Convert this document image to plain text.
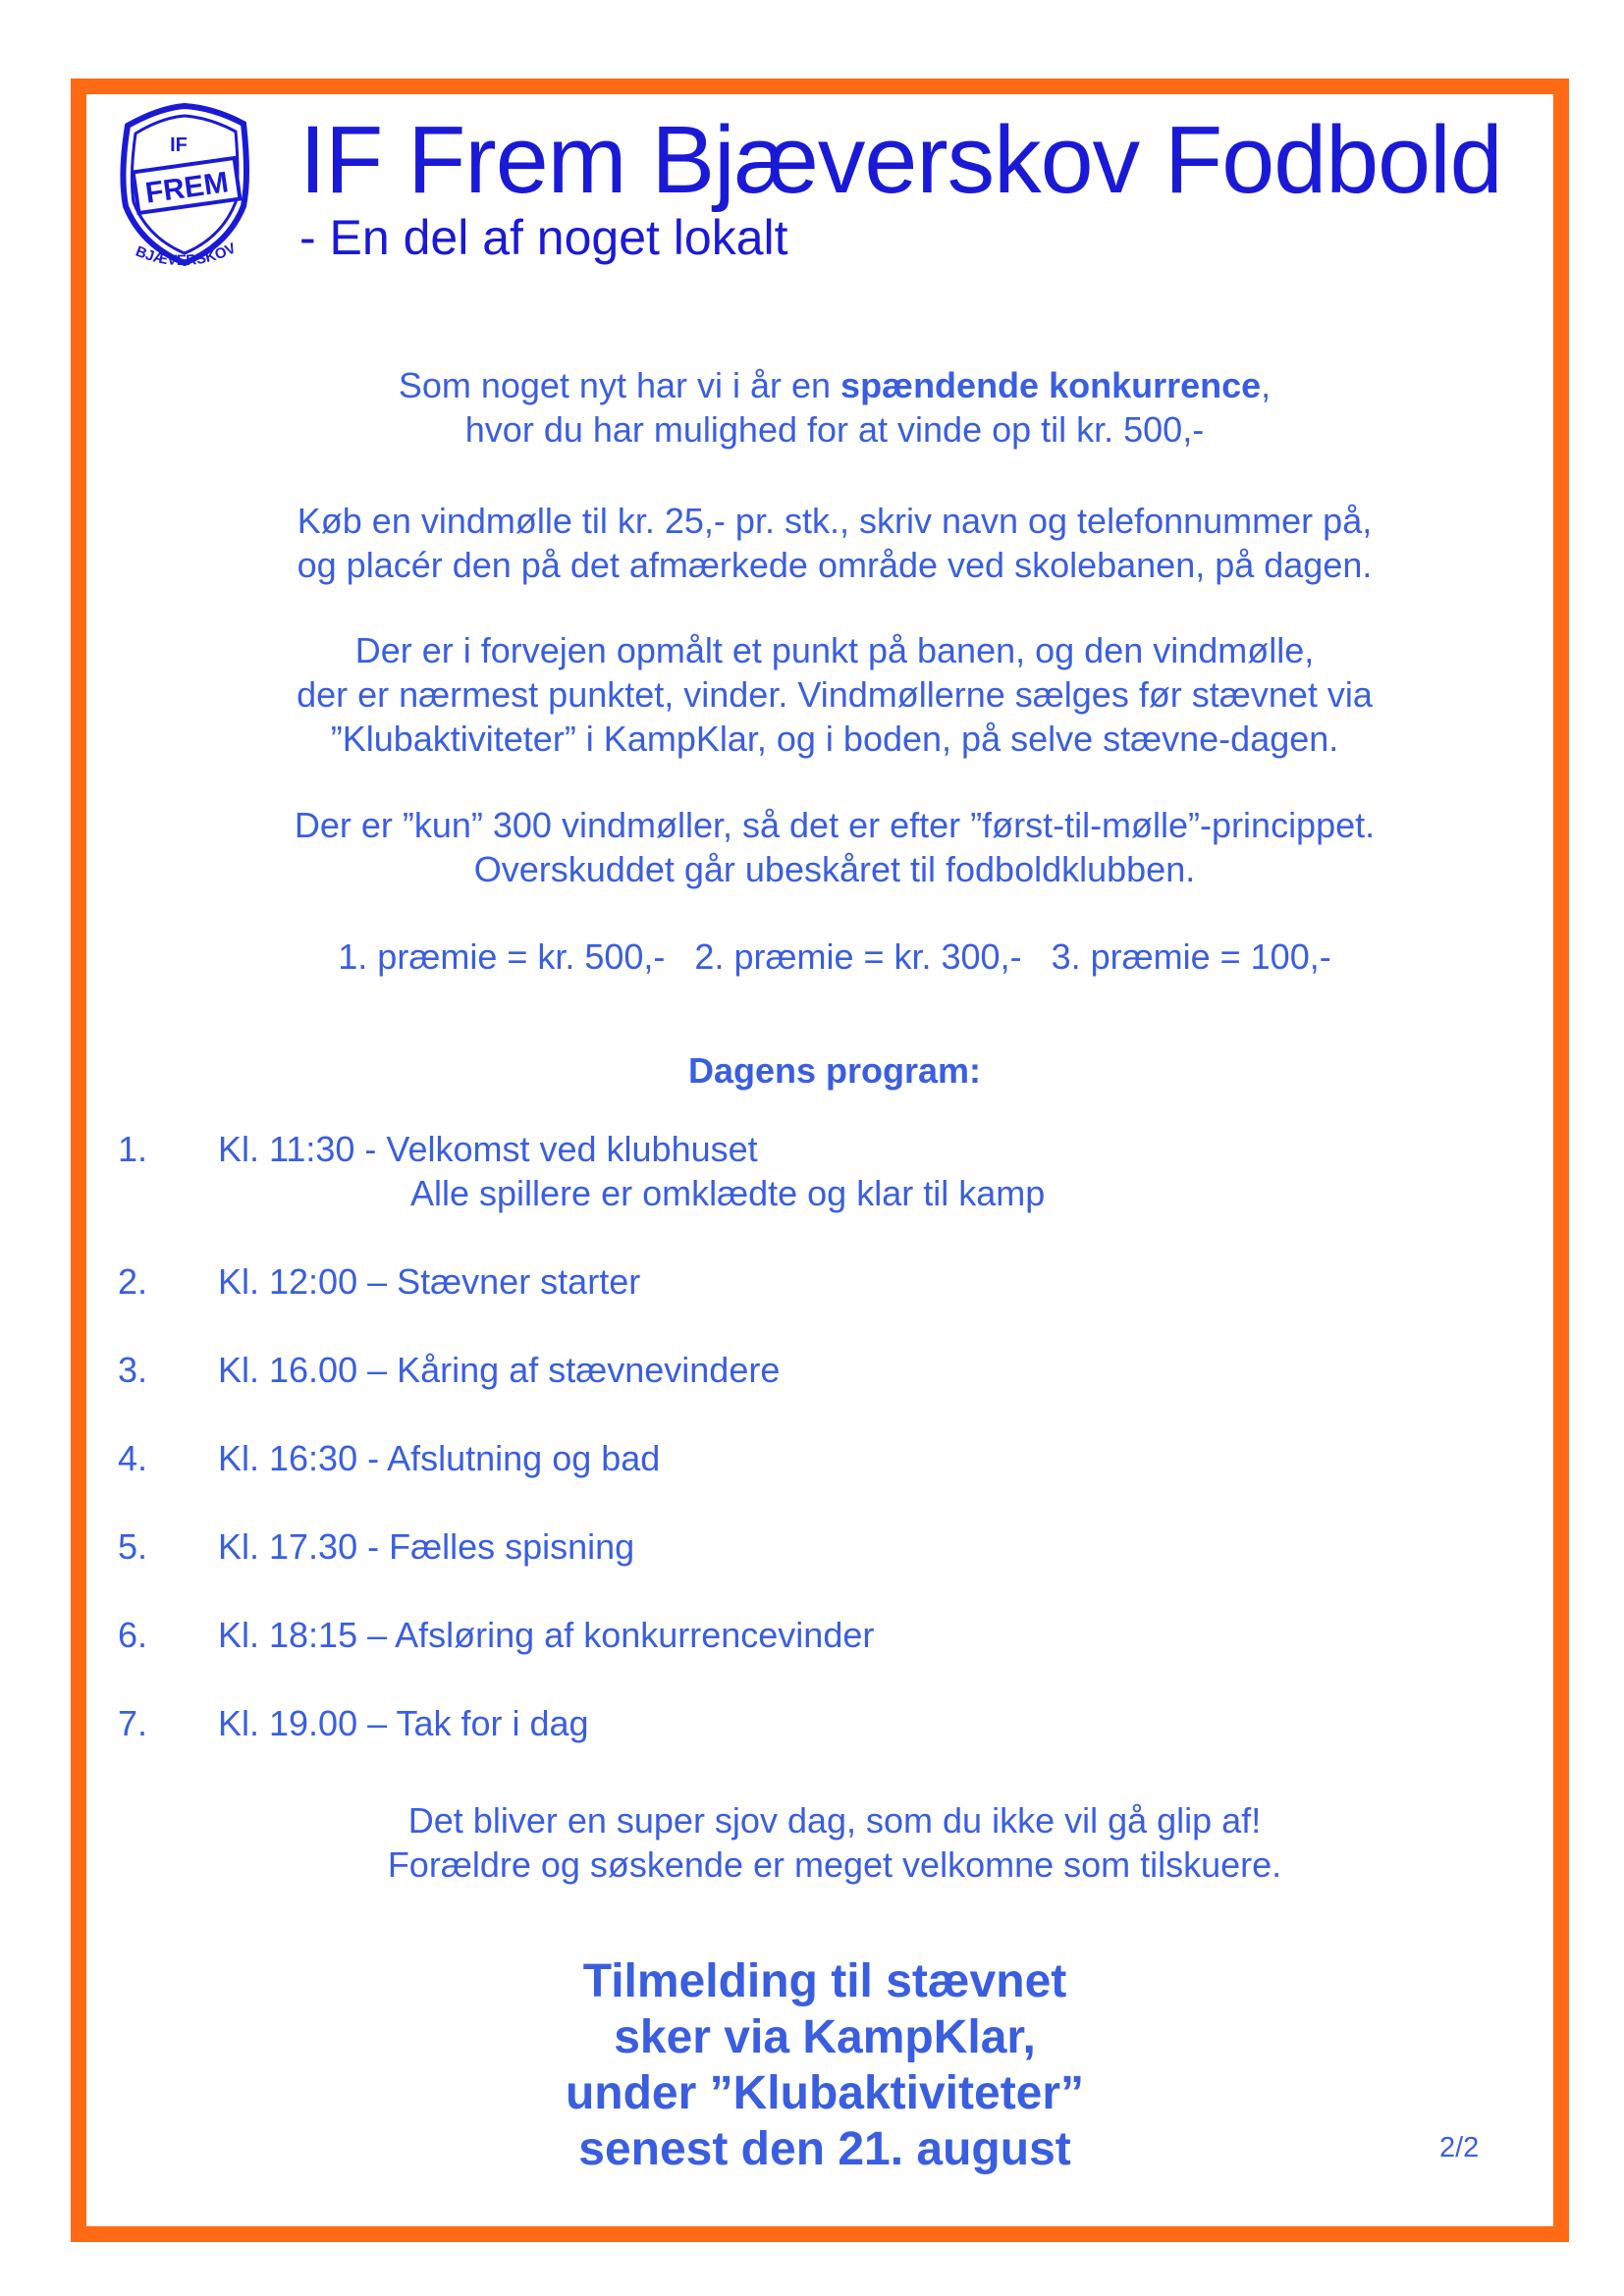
IF
FREM
BJÆVERSKOV
IF Frem Bjæverskov Fodbold
- En del af noget lokalt

Som noget nyt har vi i år en spændende konkurrence,

hvor du har mulighed for at vinde op til kr. 500,-

Køb en vindmølle til kr. 25,- pr. stk., skriv navn og telefonnummer på,

og placér den på det afmærkede område ved skolebanen, på dagen.

Der er i forvejen opmålt et punkt på banen, og den vindmølle,

der er nærmest punktet, vinder. Vindmøllerne sælges før stævnet via

”Klubaktiviteter” i KampKlar, og i boden, på selve stævne-dagen.

Der er ”kun” 300 vindmøller, så det er efter ”først-til-mølle”-princippet.

Overskuddet går ubeskåret til fodboldklubben.

1. præmie = kr. 500,-   2. præmie = kr. 300,-   3. præmie = 100,-
Dagens program:
1. Kl. 11:30 - Velkomst ved klubhuset
Alle spillere er omklædte og klar til kamp
2. Kl. 12:00 – Stævner starter
3. Kl. 16.00 – Kåring af stævnevindere
4. Kl. 16:30 - Afslutning og bad
5. Kl. 17.30 - Fælles spisning
6. Kl. 18:15 – Afsløring af konkurrencevinder
7. Kl. 19.00 – Tak for i dag

Det bliver en super sjov dag, som du ikke vil gå glip af!

Forældre og søskende er meget velkomne som tilskuere.

Tilmelding til stævnet
sker via KampKlar,
under ”Klubaktiviteter”
senest den 21. august	2/2
